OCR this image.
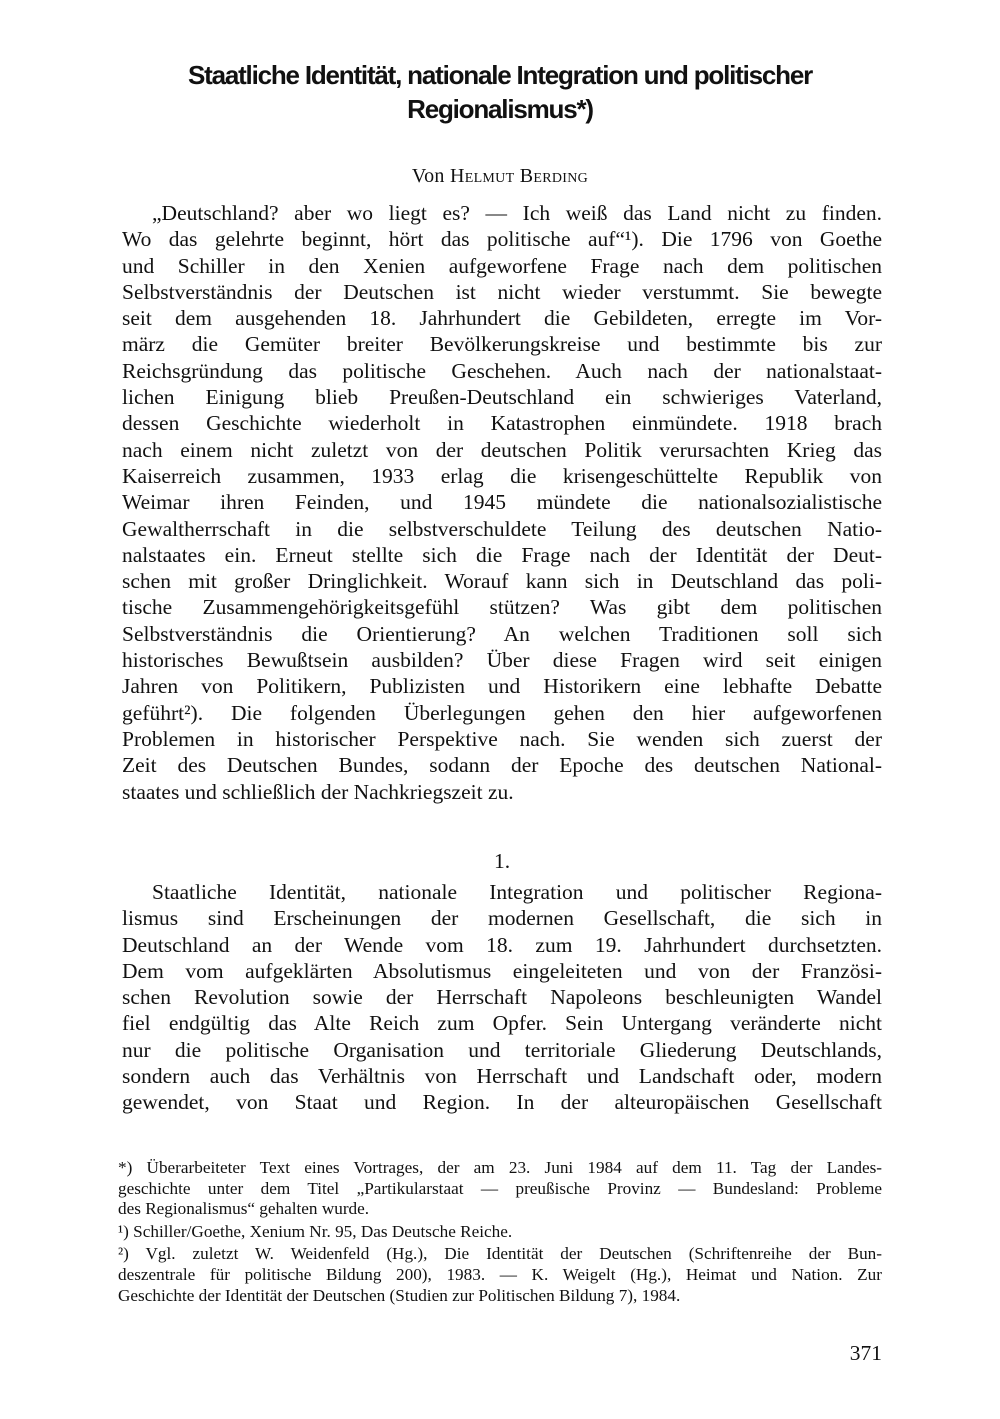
Staatliche Identität, nationale Integration und politischer
Regionalismus*)

Von Helmut Berding

„Deutschland? aber wo liegt es? — Ich weiß das Land nicht zu finden.
Wo das gelehrte beginnt, hört das politische auf“¹). Die 1796 von Goethe
und Schiller in den Xenien aufgeworfene Frage nach dem politischen
Selbstverständnis der Deutschen ist nicht wieder verstummt. Sie bewegte
seit dem ausgehenden 18. Jahrhundert die Gebildeten, erregte im Vor-
märz die Gemüter breiter Bevölkerungskreise und bestimmte bis zur
Reichsgründung das politische Geschehen. Auch nach der nationalstaat-
lichen Einigung blieb Preußen-Deutschland ein schwieriges Vaterland,
dessen Geschichte wiederholt in Katastrophen einmündete. 1918 brach
nach einem nicht zuletzt von der deutschen Politik verursachten Krieg das
Kaiserreich zusammen, 1933 erlag die krisengeschüttelte Republik von
Weimar ihren Feinden, und 1945 mündete die nationalsozialistische
Gewaltherrschaft in die selbstverschuldete Teilung des deutschen Natio-
nalstaates ein. Erneut stellte sich die Frage nach der Identität der Deut-
schen mit großer Dringlichkeit. Worauf kann sich in Deutschland das poli-
tische Zusammengehörigkeitsgefühl stützen? Was gibt dem politischen
Selbstverständnis die Orientierung? An welchen Traditionen soll sich
historisches Bewußtsein ausbilden? Über diese Fragen wird seit einigen
Jahren von Politikern, Publizisten und Historikern eine lebhafte Debatte
geführt²). Die folgenden Überlegungen gehen den hier aufgeworfenen
Problemen in historischer Perspektive nach. Sie wenden sich zuerst der
Zeit des Deutschen Bundes, sodann der Epoche des deutschen National-
staates und schließlich der Nachkriegszeit zu.

1.

Staatliche Identität, nationale Integration und politischer Regiona-
lismus sind Erscheinungen der modernen Gesellschaft, die sich in
Deutschland an der Wende vom 18. zum 19. Jahrhundert durchsetzten.
Dem vom aufgeklärten Absolutismus eingeleiteten und von der Französi-
schen Revolution sowie der Herrschaft Napoleons beschleunigten Wandel
fiel endgültig das Alte Reich zum Opfer. Sein Untergang veränderte nicht
nur die politische Organisation und territoriale Gliederung Deutschlands,
sondern auch das Verhältnis von Herrschaft und Landschaft oder, modern
gewendet, von Staat und Region. In der alteuropäischen Gesellschaft
*) Überarbeiteter Text eines Vortrages, der am 23. Juni 1984 auf dem 11. Tag der Landes-
geschichte unter dem Titel „Partikularstaat — preußische Provinz — Bundesland: Probleme
des Regionalismus“ gehalten wurde.
¹) Schiller/Goethe, Xenium Nr. 95, Das Deutsche Reiche.
²) Vgl. zuletzt W. Weidenfeld (Hg.), Die Identität der Deutschen (Schriftenreihe der Bun-
deszentrale für politische Bildung 200), 1983. — K. Weigelt (Hg.), Heimat und Nation. Zur
Geschichte der Identität der Deutschen (Studien zur Politischen Bildung 7), 1984.

371
